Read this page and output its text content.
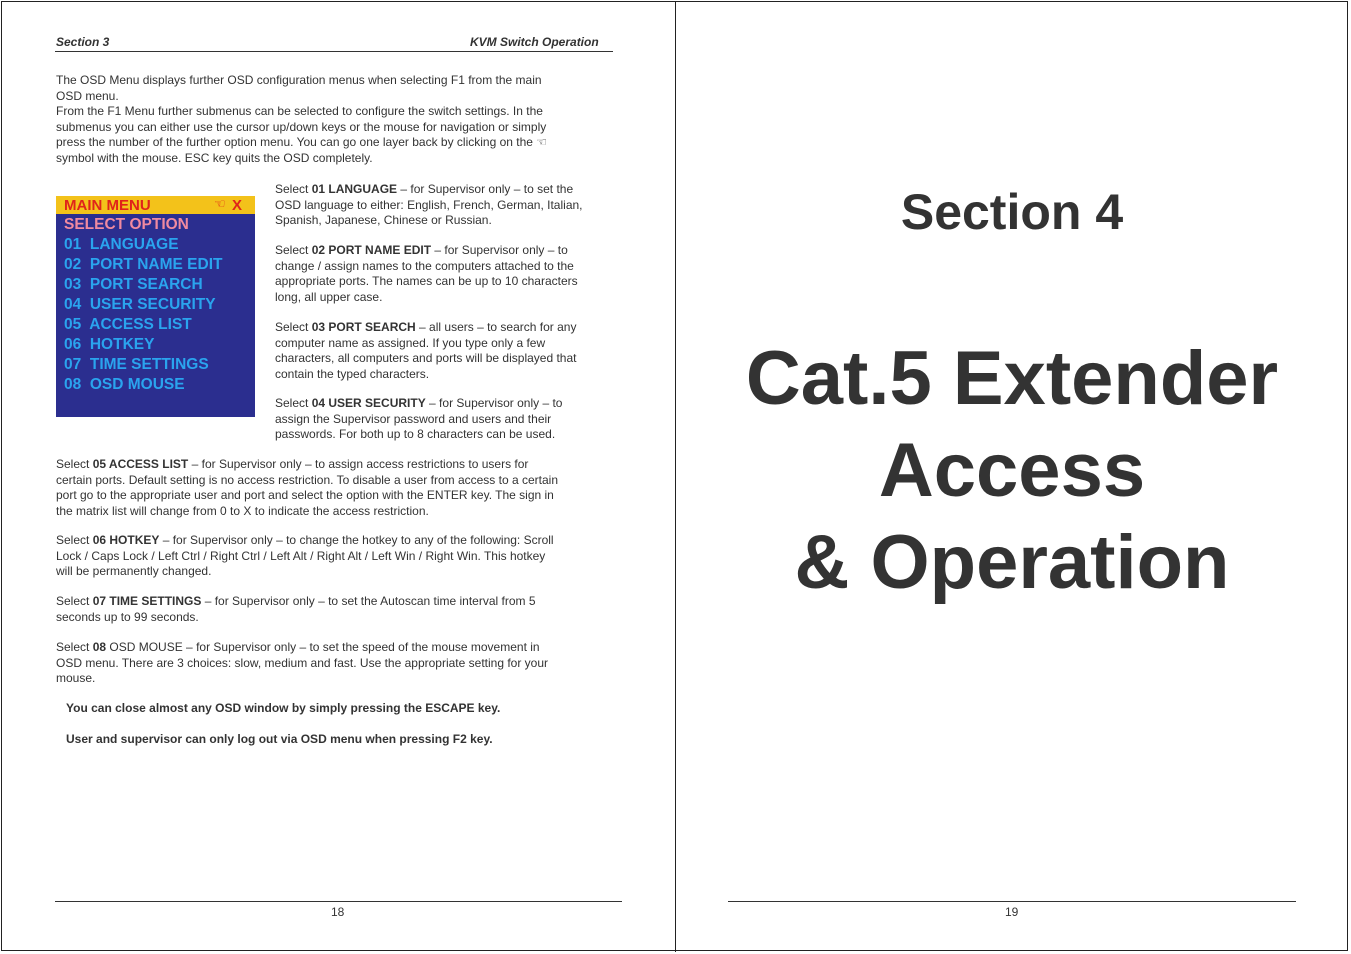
Section 3	KVM Switch Operation
The OSD Menu displays further OSD configuration menus when selecting F1 from the main
OSD menu.
From the F1 Menu further submenus can be selected to configure the switch settings. In the
submenus you can either use the cursor up/down keys or the mouse for navigation or simply
press the number of the further option menu. You can go one layer back by clicking on the ☜
symbol with the mouse. ESC key quits the OSD completely.
MAIN MENU	☜ X
SELECT OPTION
01  LANGUAGE
02  PORT NAME EDIT
03  PORT SEARCH
04  USER SECURITY
05  ACCESS LIST
06  HOTKEY
07  TIME SETTINGS
08  OSD MOUSE
Select 01 LANGUAGE – for Supervisor only – to set the
OSD language to either: English, French, German, Italian,
Spanish, Japanese, Chinese or Russian.
Select 02 PORT NAME EDIT – for Supervisor only – to
change / assign names to the computers attached to the
appropriate ports. The names can be up to 10 characters
long, all upper case.
Select 03 PORT SEARCH – all users – to search for any
computer name as assigned. If you type only a few
characters, all computers and ports will be displayed that
contain the typed characters.
Select 04 USER SECURITY – for Supervisor only – to
assign the Supervisor password and users and their
passwords. For both up to 8 characters can be used.
Select 05 ACCESS LIST – for Supervisor only – to assign access restrictions to users for
certain ports. Default setting is no access restriction. To disable a user from access to a certain
port go to the appropriate user and port and select the option with the ENTER key. The sign in
the matrix list will change from 0 to X to indicate the access restriction.
Select 06 HOTKEY – for Supervisor only – to change the hotkey to any of the following: Scroll
Lock / Caps Lock / Left Ctrl / Right Ctrl / Left Alt / Right Alt / Left Win / Right Win. This hotkey
will be permanently changed.
Select 07 TIME SETTINGS – for Supervisor only – to set the Autoscan time interval from 5
seconds up to 99 seconds.
Select 08 OSD MOUSE – for Supervisor only – to set the speed of the mouse movement in
OSD menu. There are 3 choices: slow, medium and fast. Use the appropriate setting for your
mouse.
You can close almost any OSD window by simply pressing the ESCAPE key.
User and supervisor can only log out via OSD menu when pressing F2 key.
18
Section 4
Cat.5 Extender
Access
& Operation
19
